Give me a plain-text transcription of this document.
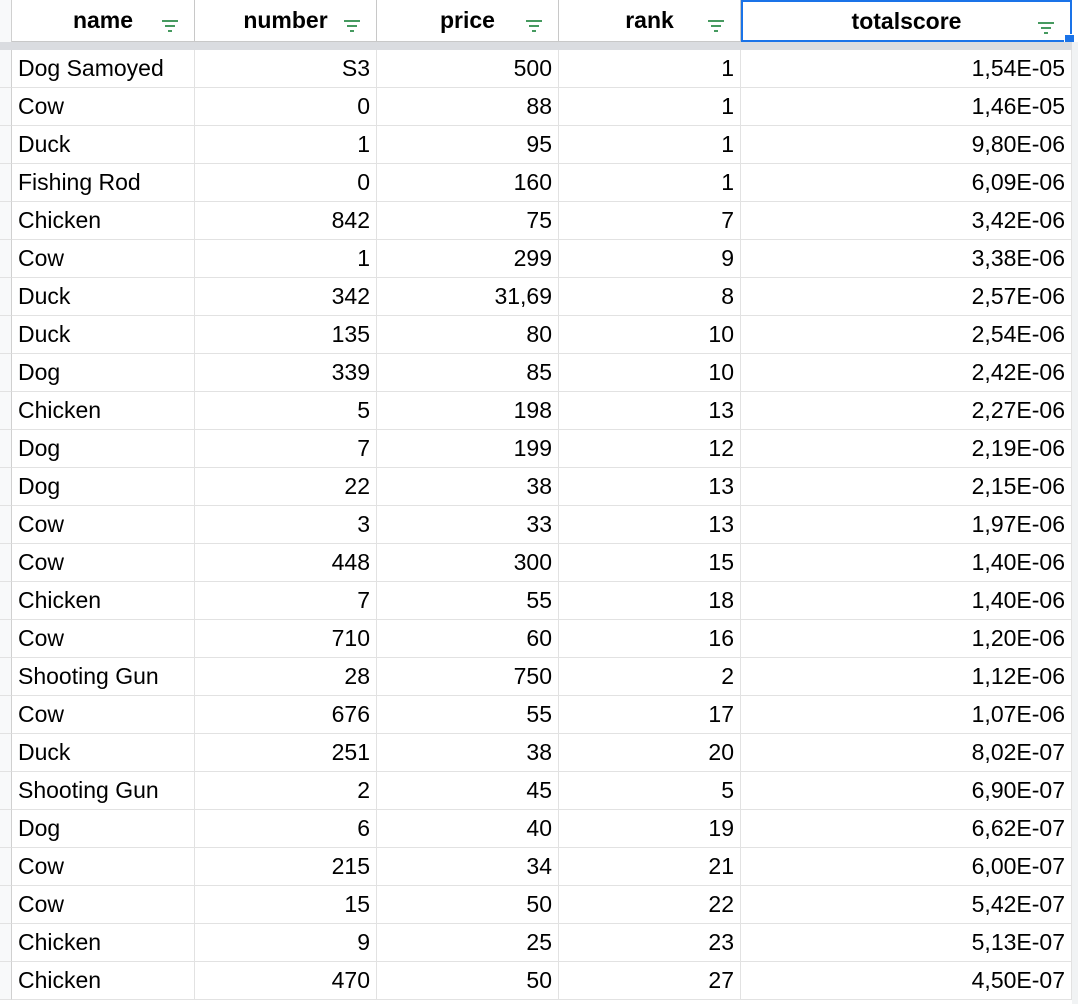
name	number	price	rank	totalscore
Dog Samoyed	S3	500	1	1,54E-05
Cow	0	88	1	1,46E-05
Duck	1	95	1	9,80E-06
Fishing Rod	0	160	1	6,09E-06
Chicken	842	75	7	3,42E-06
Cow	1	299	9	3,38E-06
Duck	342	31,69	8	2,57E-06
Duck	135	80	10	2,54E-06
Dog	339	85	10	2,42E-06
Chicken	5	198	13	2,27E-06
Dog	7	199	12	2,19E-06
Dog	22	38	13	2,15E-06
Cow	3	33	13	1,97E-06
Cow	448	300	15	1,40E-06
Chicken	7	55	18	1,40E-06
Cow	710	60	16	1,20E-06
Shooting Gun	28	750	2	1,12E-06
Cow	676	55	17	1,07E-06
Duck	251	38	20	8,02E-07
Shooting Gun	2	45	5	6,90E-07
Dog	6	40	19	6,62E-07
Cow	215	34	21	6,00E-07
Cow	15	50	22	5,42E-07
Chicken	9	25	23	5,13E-07
Chicken	470	50	27	4,50E-07
